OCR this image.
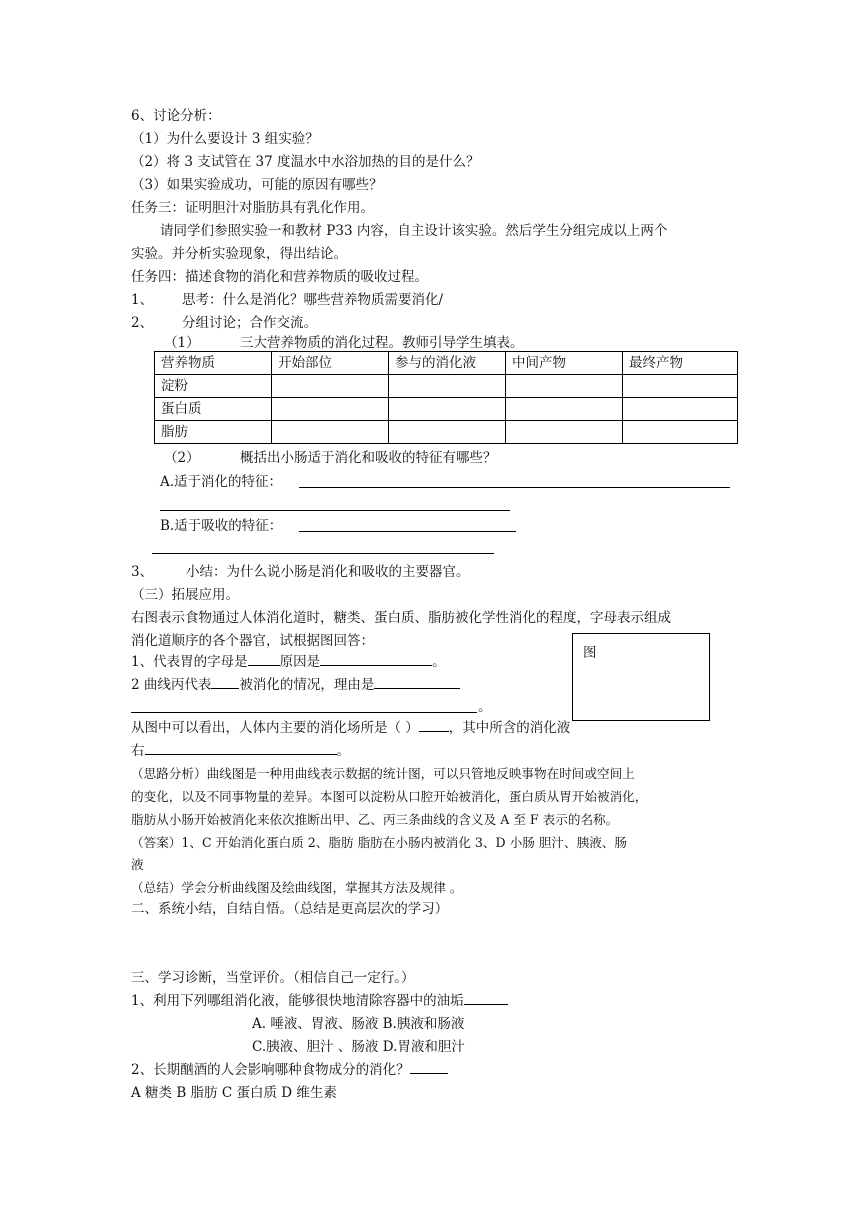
6、讨论分析：
（1）为什么要设计 3 组实验？
（2）将 3 支试管在 37 度温水中水浴加热的目的是什么？
（3）如果实验成功，可能的原因有哪些？
任务三：证明胆汁对脂肪具有乳化作用。
请同学们参照实验一和教材 P33 内容，自主设计该实验。然后学生分组完成以上两个
实验。并分析实验现象，得出结论。
任务四：描述食物的消化和营养物质的吸收过程。
1、 思考：什么是消化？哪些营养物质需要消化/
2、 分组讨论；合作交流。
（1）	三大营养物质的消化过程。教师引导学生填表。
营养物质	开始部位	参与的消化液	中间产物	最终产物
淀粉				
蛋白质				
脂肪				
（2）	概括出小肠适于消化和吸收的特征有哪些？
A.适于消化的特征：
B.适于吸收的特征：
3、 小结：为什么说小肠是消化和吸收的主要器官。
（三）拓展应用。
右图表示食物通过人体消化道时，糖类、蛋白质、脂肪被化学性消化的程度，字母表示组成
消化道顺序的各个器官，试根据图回答：
图
1、代表胃的字母是 原因是	。
2 曲线丙代表 被消化的情况，理由是
。
从图中可以看出，人体内主要的消化场所是（ ） ，其中所含的消化液
右	。
（思路分析）曲线图是一种用曲线表示数据的统计图，可以只管地反映事物在时间或空间上
的变化，以及不同事物量的差异。本图可以淀粉从口腔开始被消化，蛋白质从胃开始被消化，
脂肪从小肠开始被消化来依次推断出甲、乙、丙三条曲线的含义及 A 至 F 表示的名称。
（答案）1、C 开始消化蛋白质 2、脂肪 脂肪在小肠内被消化 3、D 小肠 胆汁、胰液、肠
液
（总结）学会分析曲线图及绘曲线图，掌握其方法及规律 。
二、系统小结，自结自悟。（总结是更高层次的学习）
三、学习诊断，当堂评价。（相信自己一定行。）
1、利用下列哪组消化液，能够很快地清除容器中的油垢
A. 唾液、胃液、肠液 B.胰液和肠液
C.胰液、胆汁 、肠液 D.胃液和胆汁
2、长期酗酒的人会影响哪种食物成分的消化？
A 糖类 B 脂肪 C 蛋白质 D 维生素
